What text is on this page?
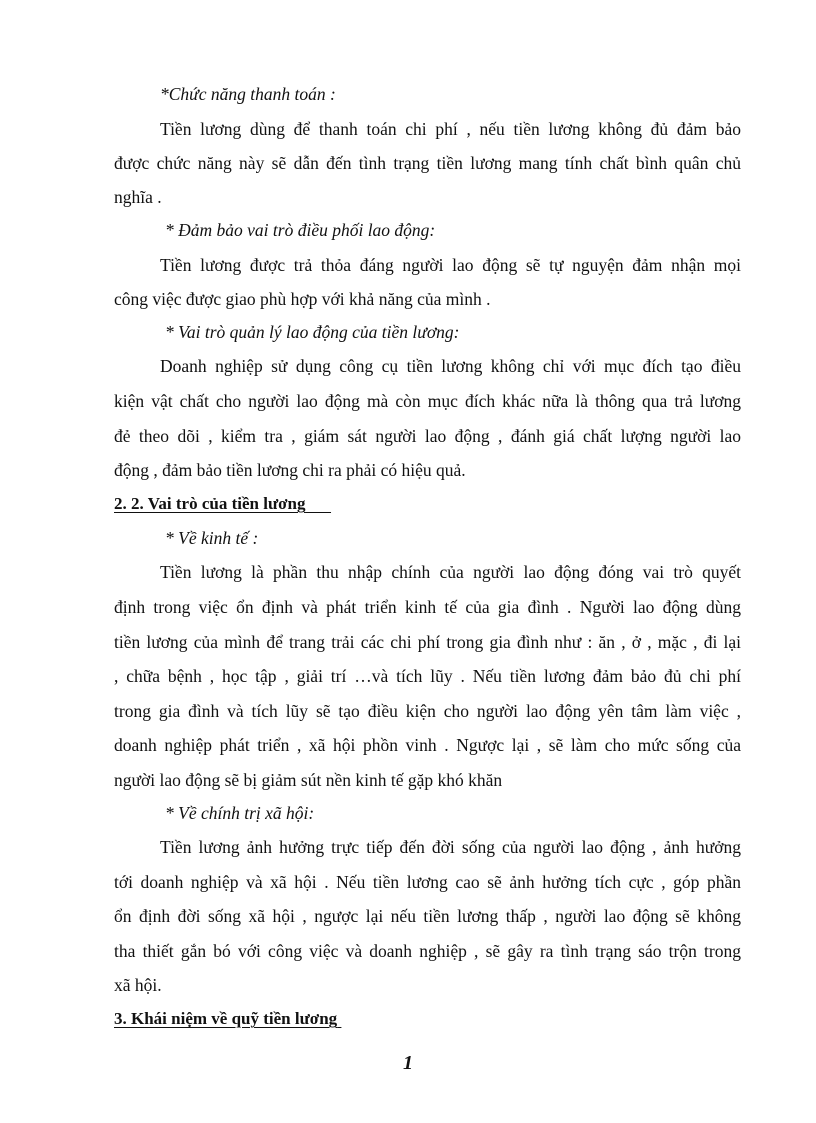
*Chức năng thanh toán :
Tiền lương dùng để thanh toán chi phí , nếu tiền lương không đủ đảm bảo
được chức năng này sẽ dẫn đến tình trạng tiền lương mang tính chất bình quân chủ
nghĩa .
* Đảm bảo vai trò điều phối lao động:
Tiền lương được trả thỏa đáng người lao động sẽ tự nguyện đảm nhận mọi
công việc được giao phù hợp với khả năng của mình .
* Vai trò quản lý lao động của tiền lương:
Doanh nghiệp sử dụng công cụ tiền lương không chỉ với mục đích tạo điều
kiện vật chất cho người lao động mà còn mục đích khác nữa là thông qua trả lương
đẻ theo dõi , kiểm tra , giám sát người lao động , đánh giá chất lượng người lao
động , đảm bảo tiền lương chi ra phải có hiệu quả.
2. 2. Vai trò của tiền lương
* Về kinh tế :
Tiền lương là phần thu nhập chính của người lao động đóng vai trò quyết
định trong việc ổn định và phát triển kinh tế của gia đình . Người lao động dùng
tiền lương của mình để trang trải các chi phí trong gia đình như : ăn , ở , mặc , đi lại
, chữa bệnh , học tập , giải trí …và tích lũy . Nếu tiền lương đảm bảo đủ chi phí
trong gia đình và tích lũy sẽ tạo điều kiện cho người lao động yên tâm làm việc ,
doanh nghiệp phát triển , xã hội phồn vinh . Ngược lại , sẽ làm cho mức sống của
người lao động sẽ bị giảm sút nền kinh tế gặp khó khăn
* Về chính trị xã hội:
Tiền lương ảnh hưởng trực tiếp đến đời sống của người lao động , ảnh hưởng
tới doanh nghiệp và xã hội . Nếu tiền lương cao sẽ ảnh hưởng tích cực , góp phần
ổn định đời sống xã hội , ngược lại nếu tiền lương thấp , người lao động sẽ không
tha thiết gắn bó với công việc và doanh nghiệp , sẽ gây ra tình trạng sáo trộn trong
xã hội.
3. Khái niệm về quỹ tiền lương
1
